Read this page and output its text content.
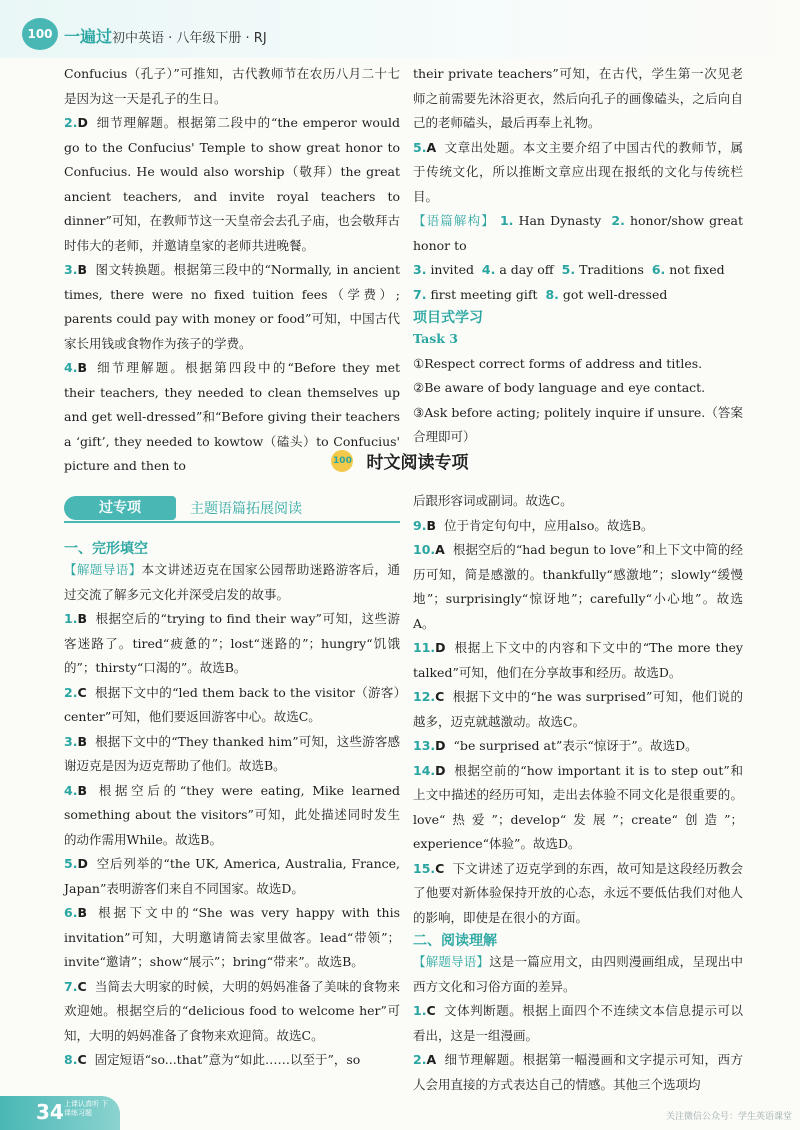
100 一遍过 初中英语 · 八年级下册 · RJ

Confucius（孔子）”可推知，古代教师节在农历八月二十七是因为这一天是孔子的生日。

2.D 细节理解题。根据第二段中的“the emperor would go to the Confucius' Temple to show great honor to Confucius. He would also worship（敬拜）the great ancient teachers, and invite royal teachers to dinner”可知，在教师节这一天皇帝会去孔子庙，也会敬拜古时伟大的老师，并邀请皇家的老师共进晚餐。

3.B 图文转换题。根据第三段中的“Normally, in ancient times, there were no fixed tuition fees（学费）; parents could pay with money or food”可知，中国古代家长用钱或食物作为孩子的学费。

4.B 细节理解题。根据第四段中的“Before they met their teachers, they needed to clean themselves up and get well-dressed”和“Before giving their teachers a ‘gift’, they needed to kowtow（磕头）to Confucius' picture and then to

their private teachers”可知，在古代，学生第一次见老师之前需要先沐浴更衣，然后向孔子的画像磕头，之后向自己的老师磕头，最后再奉上礼物。

5.A 文章出处题。本文主要介绍了中国古代的教师节，属于传统文化，所以推断文章应出现在报纸的文化与传统栏目。

【语篇解构】 1. Han Dynasty 2. honor/show great honor to

3. invited 4. a day off 5. Traditions 6. not fixed

7. first meeting gift 8. got well-dressed

项目式学习

Task 3

①Respect correct forms of address and titles.

②Be aware of body language and eye contact.

③Ask before acting; politely inquire if unsure.（答案合理即可）

100 时文阅读专项
过专项	主题语篇拓展阅读

一、完形填空

【解题导语】本文讲述迈克在国家公园帮助迷路游客后，通过交流了解多元文化并深受启发的故事。

1.B 根据空后的“trying to find their way”可知，这些游客迷路了。tired“疲惫的”；lost“迷路的”；hungry“饥饿的”；thirsty“口渴的”。故选B。

2.C 根据下文中的“led them back to the visitor（游客）center”可知，他们要返回游客中心。故选C。

3.B 根据下文中的“They thanked him”可知，这些游客感谢迈克是因为迈克帮助了他们。故选B。

4.B 根据空后的“they were eating, Mike learned something about the visitors”可知，此处描述同时发生的动作需用While。故选B。

5.D 空后列举的“the UK, America, Australia, France, Japan”表明游客们来自不同国家。故选D。

6.B 根据下文中的“She was very happy with this invitation”可知，大明邀请简去家里做客。lead“带领”；invite“邀请”；show“展示”；bring“带来”。故选B。

7.C 当简去大明家的时候，大明的妈妈准备了美味的食物来欢迎她。根据空后的“delicious food to welcome her”可知，大明的妈妈准备了食物来欢迎简。故选C。

8.C 固定短语“so...that”意为“如此……以至于”，so

后跟形容词或副词。故选C。

9.B 位于肯定句句中，应用also。故选B。

10.A 根据空后的“had begun to love”和上下文中简的经历可知，简是感激的。thankfully“感激地”；slowly“缓慢地”；surprisingly“惊讶地”；carefully“小心地”。故选A。

11.D 根据上下文中的内容和下文中的“The more they talked”可知，他们在分享故事和经历。故选D。

12.C 根据下文中的“he was surprised”可知，他们说的越多，迈克就越激动。故选C。

13.D “be surprised at”表示“惊讶于”。故选D。

14.D 根据空前的“how important it is to step out”和上文中描述的经历可知，走出去体验不同文化是很重要的。love“热爱”；develop“发展”；create“创造”；experience“体验”。故选D。

15.C 下文讲述了迈克学到的东西，故可知是这段经历教会了他要对新体验保持开放的心态，永远不要低估我们对他人的影响，即使是在很小的方面。

二、阅读理解

【解题导语】这是一篇应用文，由四则漫画组成，呈现出中西方文化和习俗方面的差异。

1.C 文体判断题。根据上面四个不连续文本信息提示可以看出，这是一组漫画。

2.A 细节理解题。根据第一幅漫画和文字提示可知，西方人会用直接的方式表达自己的情感。其他三个选项均

34 上课认真听 下课练习题	关注微信公众号：学生英语课堂
